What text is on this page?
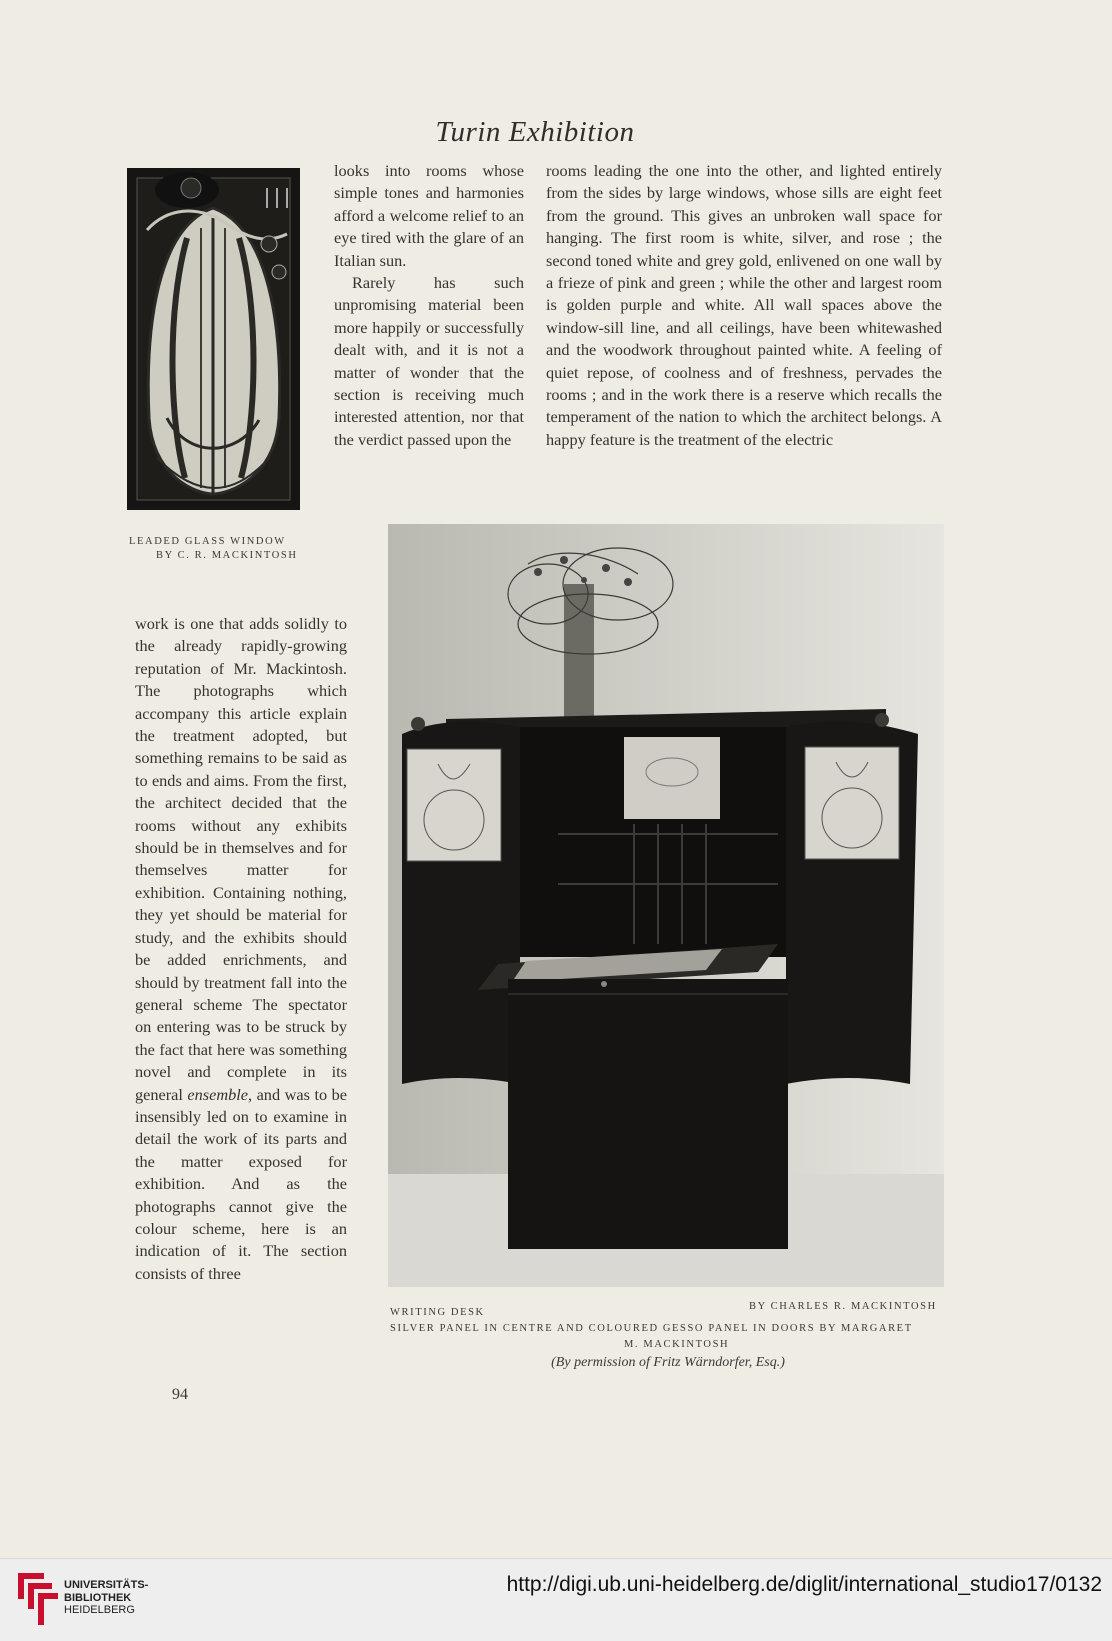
Turin Exhibition
LEADED GLASS WINDOW
BY C. R. MACKINTOSH

looks into rooms whose simple tones and harmonies afford a welcome relief to an eye tired with the glare of an Italian sun.

Rarely has such unpromising material been more happily or successfully dealt with, and it is not a matter of wonder that the section is receiving much interested attention, nor that the verdict passed upon the

rooms leading the one into the other, and lighted entirely from the sides by large windows, whose sills are eight feet from the ground. This gives an unbroken wall space for hanging. The first room is white, silver, and rose ; the second toned white and grey gold, enlivened on one wall by a frieze of pink and green ; while the other and largest room is golden purple and white. All wall spaces above the window-sill line, and all ceilings, have been whitewashed and the woodwork throughout painted white. A feeling of quiet repose, of coolness and of freshness, pervades the rooms ; and in the work there is a reserve which recalls the temperament of the nation to which the architect belongs. A happy feature is the treatment of the electric

work is one that adds solidly to the already rapidly-growing reputation of Mr. Mackintosh. The photographs which accompany this article explain the treatment adopted, but something remains to be said as to ends and aims. From the first, the architect decided that the rooms without any exhibits should be in themselves and for themselves matter for exhibition. Containing nothing, they yet should be material for study, and the exhibits should be added enrichments, and should by treatment fall into the general scheme The spectator on entering was to be struck by the fact that here was something novel and complete in its general ensemble, and was to be insensibly led on to examine in detail the work of its parts and the matter exposed for exhibition. And as the photographs cannot give the colour scheme, here is an indication of it. The section consists of three

WRITING DESK
BY CHARLES R. MACKINTOSH
SILVER PANEL IN CENTRE AND COLOURED GESSO PANEL IN DOORS BY MARGARET
M. MACKINTOSH
(By permission of Fritz Wärndorfer, Esq.)
94
UNIVERSITÄTS-
BIBLIOTHEK
HEIDELBERG
http://digi.ub.uni-heidelberg.de/diglit/international_studio17/0132
